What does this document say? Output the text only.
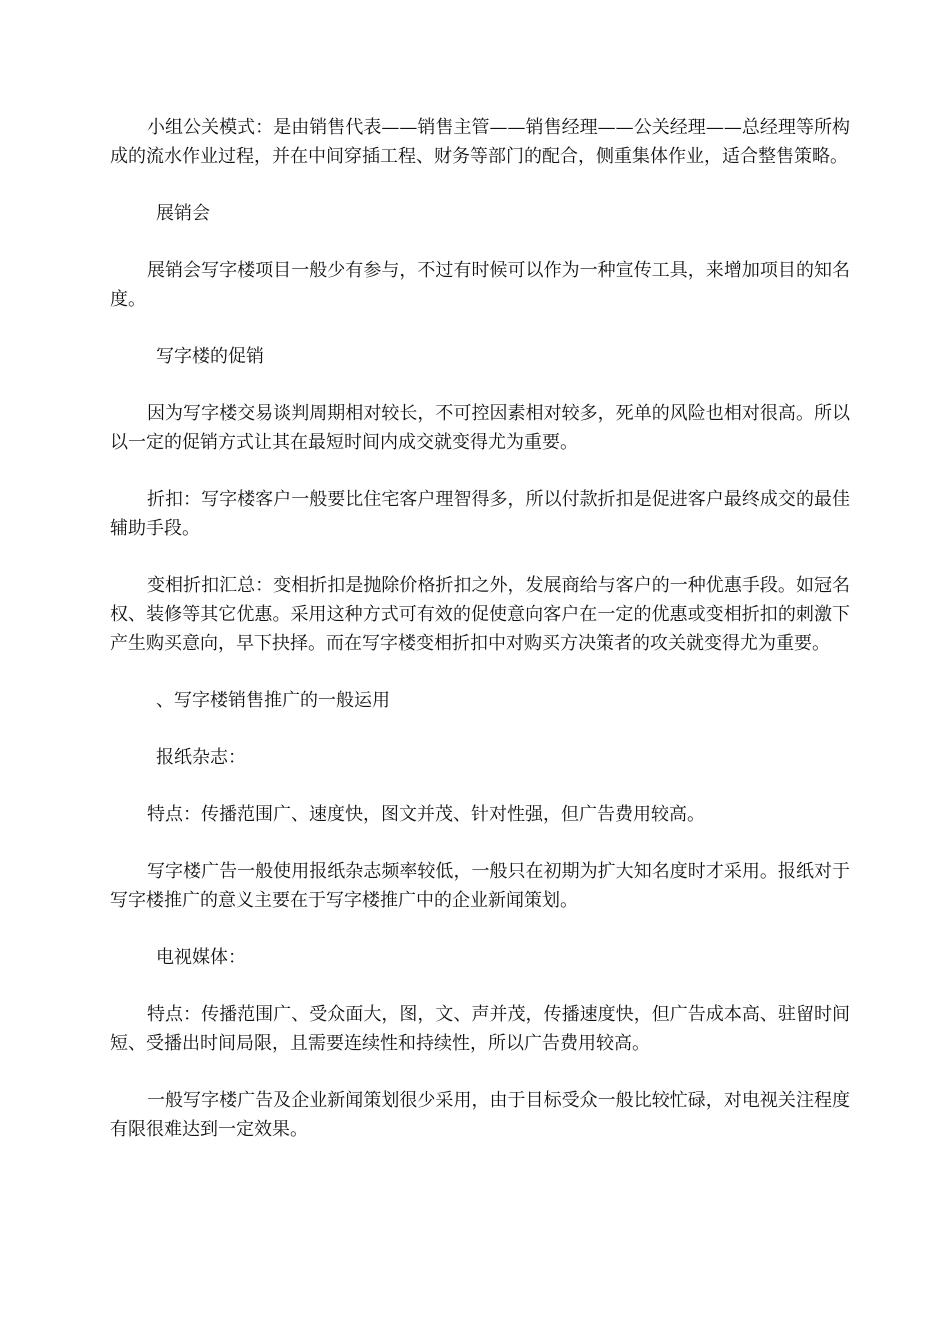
小组公关模式：是由销售代表——销售主管——销售经理——公关经理——总经理等所构成的流水作业过程，并在中间穿插工程、财务等部门的配合，侧重集体作业，适合整售策略。

展销会

展销会写字楼项目一般少有参与，不过有时候可以作为一种宣传工具，来增加项目的知名度。

写字楼的促销

因为写字楼交易谈判周期相对较长，不可控因素相对较多，死单的风险也相对很高。所以以一定的促销方式让其在最短时间内成交就变得尤为重要。

折扣：写字楼客户一般要比住宅客户理智得多，所以付款折扣是促进客户最终成交的最佳辅助手段。

变相折扣汇总：变相折扣是抛除价格折扣之外，发展商给与客户的一种优惠手段。如冠名权、装修等其它优惠。采用这种方式可有效的促使意向客户在一定的优惠或变相折扣的刺激下产生购买意向，早下抉择。而在写字楼变相折扣中对购买方决策者的攻关就变得尤为重要。

、写字楼销售推广的一般运用

报纸杂志：

特点：传播范围广、速度快，图文并茂、针对性强，但广告费用较高。

写字楼广告一般使用报纸杂志频率较低，一般只在初期为扩大知名度时才采用。报纸对于写字楼推广的意义主要在于写字楼推广中的企业新闻策划。

电视媒体：

特点：传播范围广、受众面大，图，文、声并茂，传播速度快，但广告成本高、驻留时间短、受播出时间局限，且需要连续性和持续性，所以广告费用较高。

一般写字楼广告及企业新闻策划很少采用，由于目标受众一般比较忙碌，对电视关注程度有限很难达到一定效果。
